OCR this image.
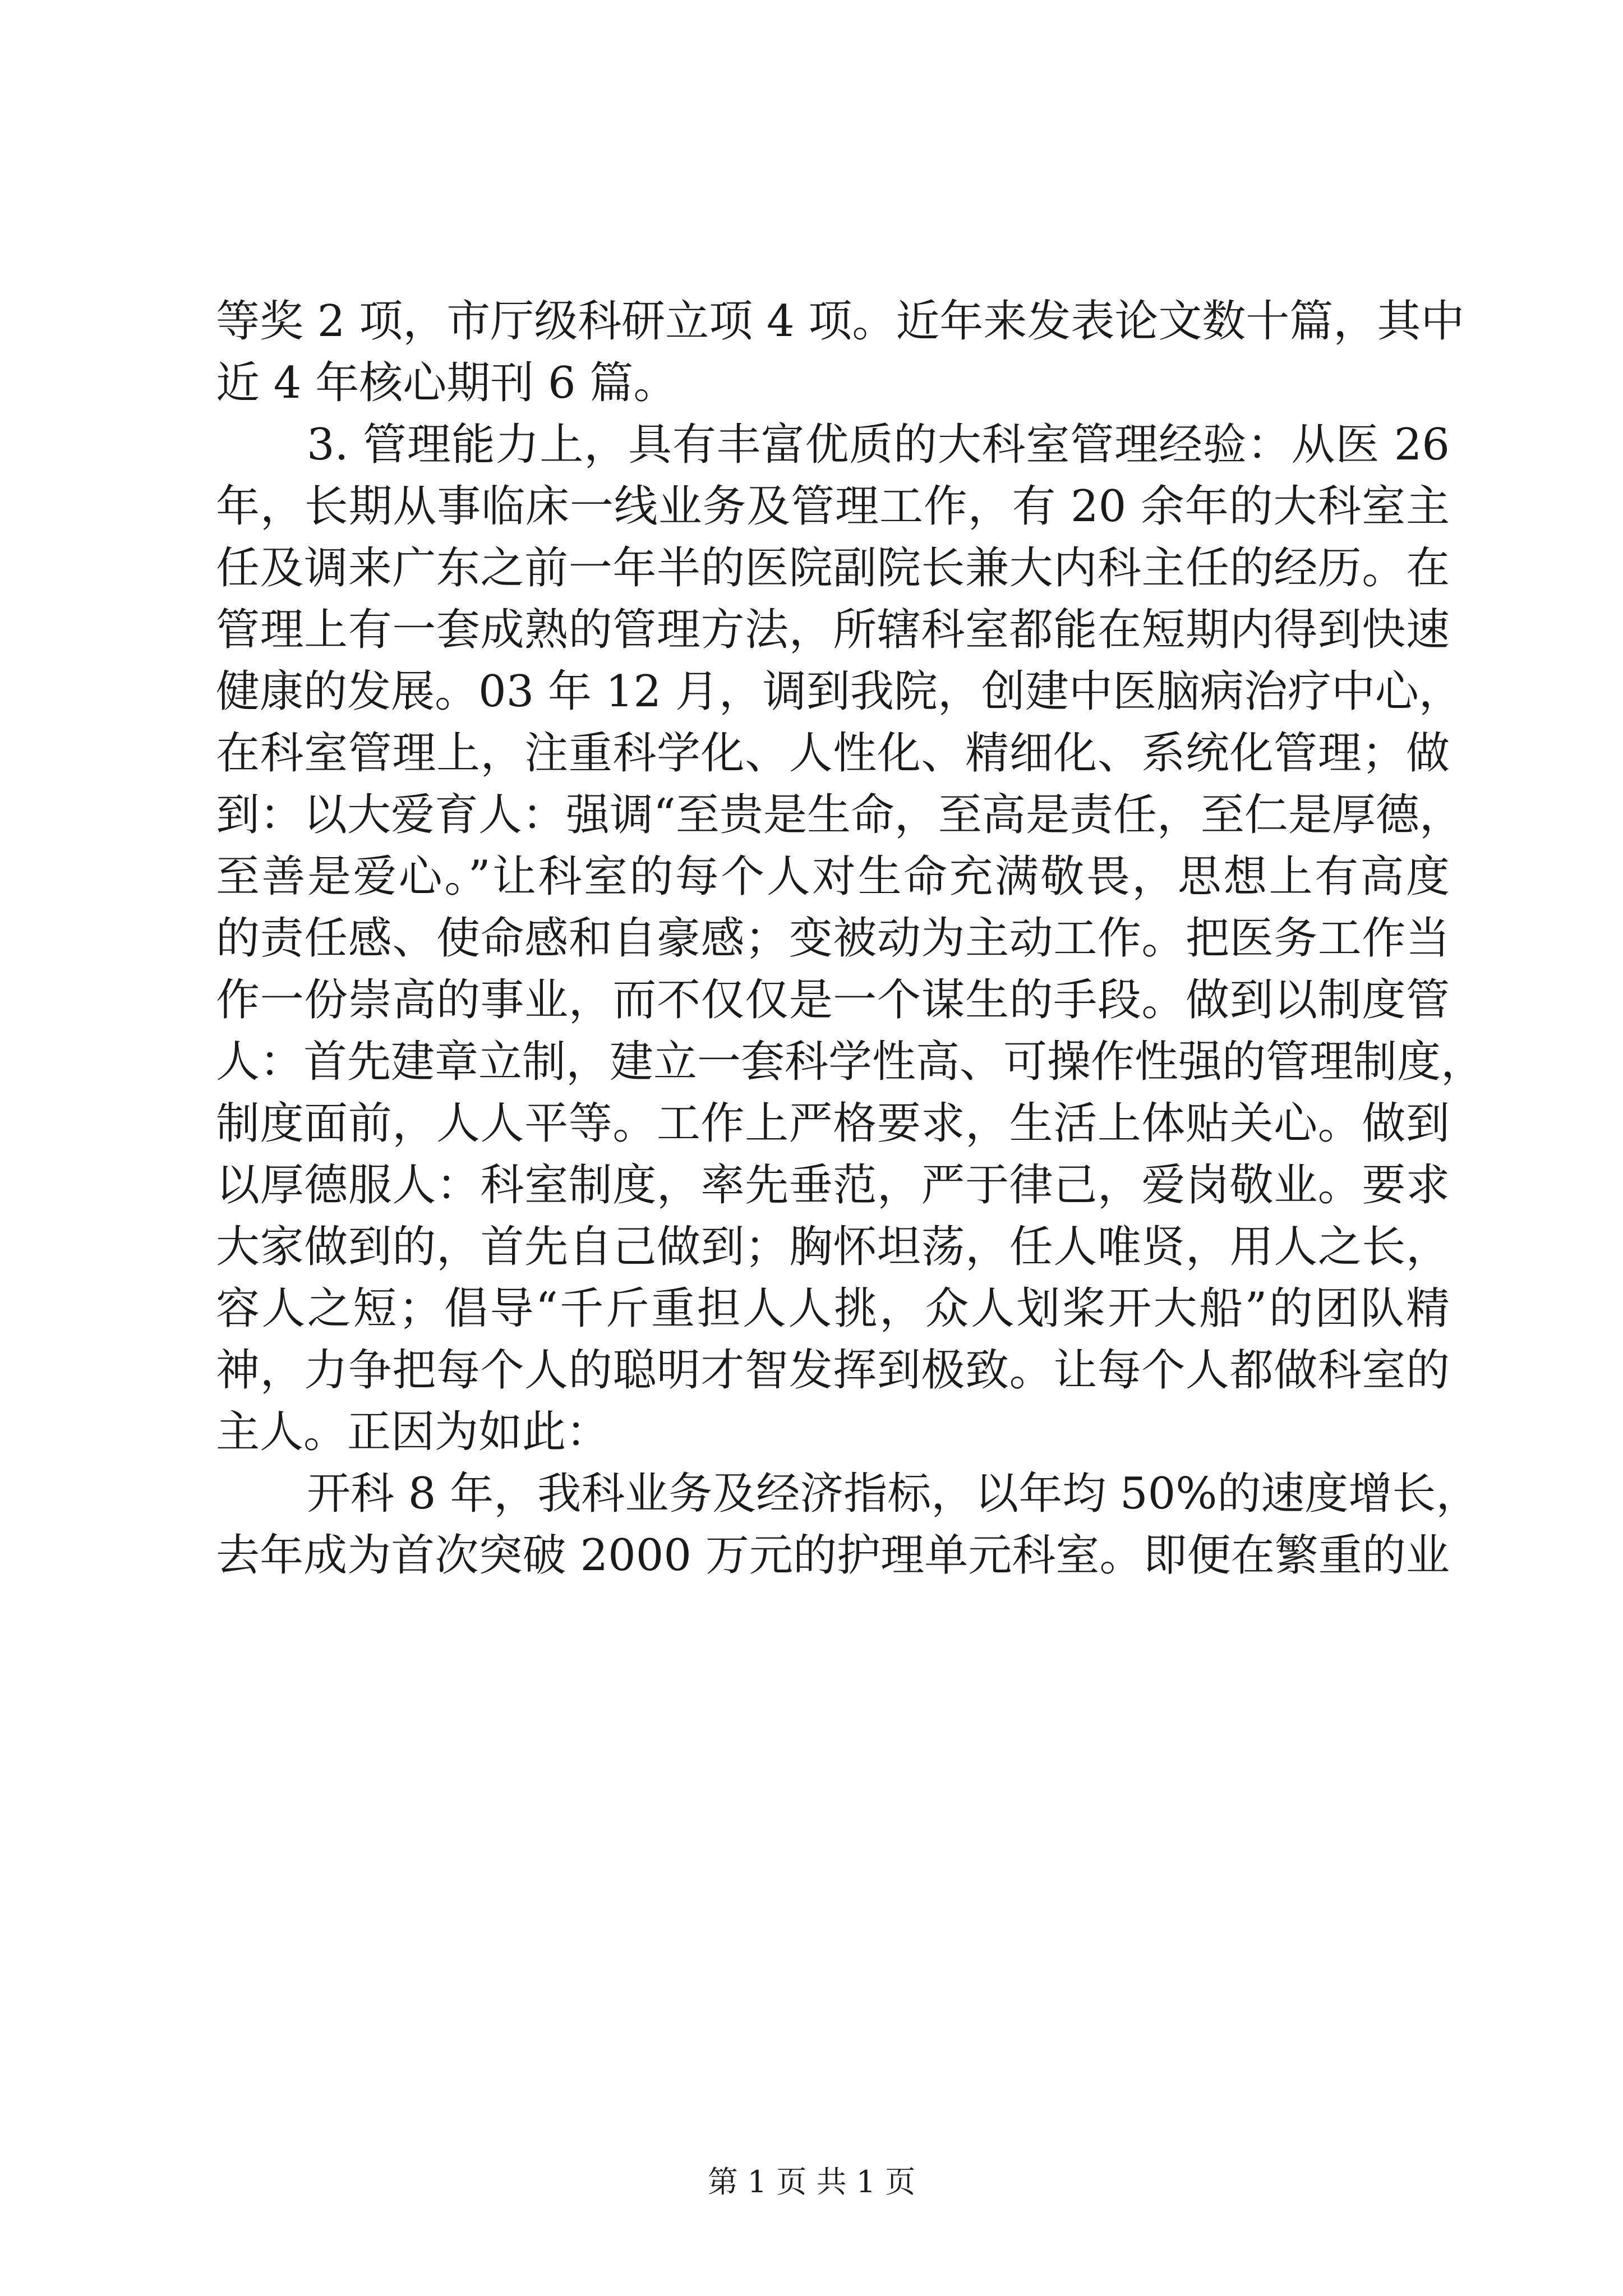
等奖 2 项，市厅级科研立项 4 项。近年来发表论文数十篇，其中

近 4 年核心期刊 6 篇。

3. 管理能力上，具有丰富优质的大科室管理经验：从医 26

年，长期从事临床一线业务及管理工作，有 20 余年的大科室主

任及调来广东之前一年半的医院副院长兼大内科主任的经历。在

管理上有一套成熟的管理方法，所辖科室都能在短期内得到快速

健康的发展。03 年 12 月，调到我院，创建中医脑病治疗中心，

在科室管理上，注重科学化、人性化、精细化、系统化管理；做

到：以大爱育人：强调“至贵是生命，至高是责任，至仁是厚德，

至善是爱心。”让科室的每个人对生命充满敬畏，思想上有高度

的责任感、使命感和自豪感；变被动为主动工作。把医务工作当

作一份崇高的事业，而不仅仅是一个谋生的手段。做到以制度管

人：首先建章立制，建立一套科学性高、可操作性强的管理制度，

制度面前，人人平等。工作上严格要求，生活上体贴关心。做到

以厚德服人：科室制度，率先垂范，严于律己，爱岗敬业。要求

大家做到的，首先自己做到；胸怀坦荡，任人唯贤，用人之长，

容人之短；倡导“千斤重担人人挑，众人划桨开大船”的团队精

神，力争把每个人的聪明才智发挥到极致。让每个人都做科室的

主人。正因为如此：

开科 8 年，我科业务及经济指标，以年均 50%的速度增长，

去年成为首次突破 2000 万元的护理单元科室。即便在繁重的业

第 1 页 共 1 页
